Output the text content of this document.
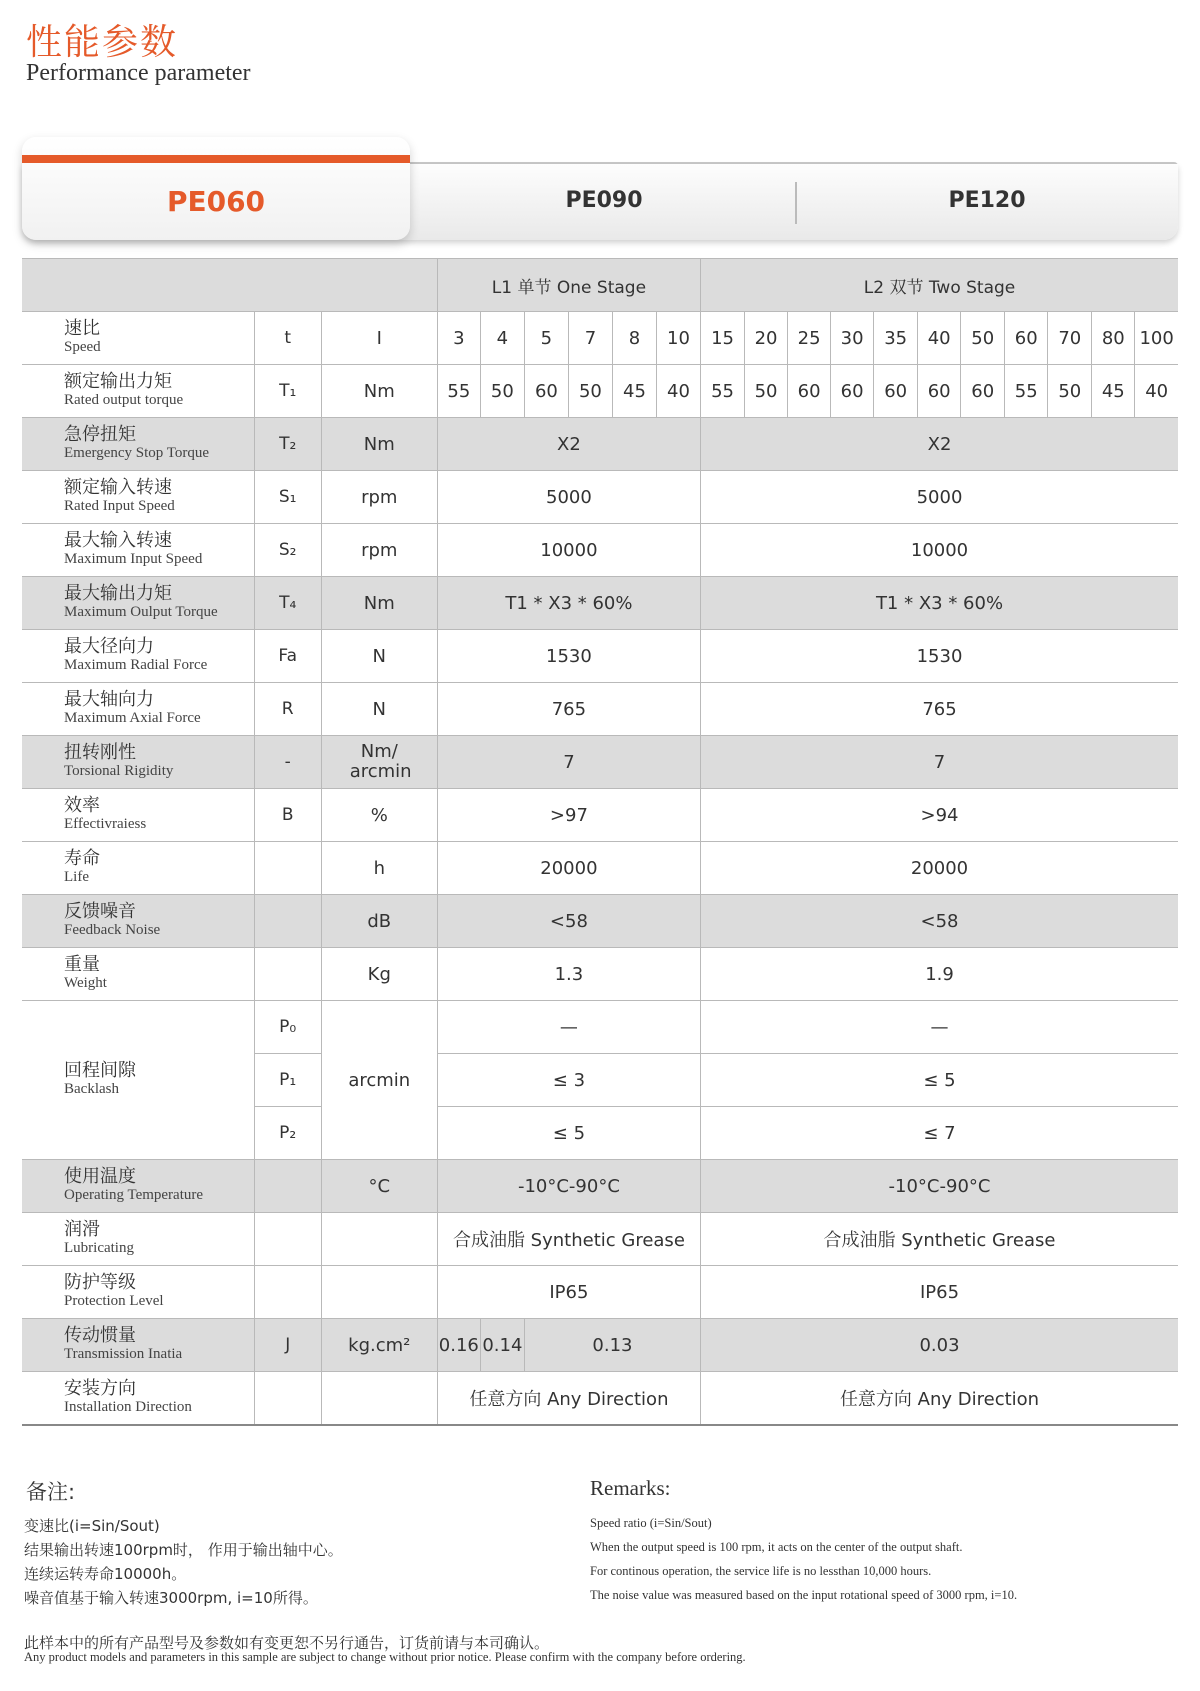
性能参数
Performance parameter
PE060	PE090	PE120
			L1 单节 One Stage						L2 双节 Two Stage										

速比
Speed	t	I	3	4	5	7	8	10	15	20	25	30	35	40	50	60	70	80	100

额定输出力矩
Rated output torque	T₁	Nm	55	50	60	50	45	40	55	50	60	60	60	60	60	55	50	45	40

急停扭矩
Emergency Stop Torque	T₂	Nm	X2						X2										

额定输入转速
Rated Input Speed	S₁	rpm	5000						5000										

最大输入转速
Maximum Input Speed	S₂	rpm	10000						10000										

最大输出力矩
Maximum Oulput Torque	T₄	Nm	T1 * X3 * 60%						T1 * X3 * 60%										

最大径向力
Maximum Radial Force	Fa	N	1530						1530										

最大轴向力
Maximum Axial Force	R	N	765						765										

扭转刚性
Torsional Rigidity	-	Nm/ arcmin	7						7										

效率
Effectivraiess	B	%	>97						>94										

寿命
Life		h	20000						20000										

反馈噪音
Feedback Noise		dB	<58						<58										

重量
Weight		Kg	1.3						1.9										

回程间隙
Backlash	P₀	arcmin	—						—										
	P₁		≤ 3						≤ 5										
	P₂		≤ 5						≤ 7										

使用温度
Operating Temperature		°C	-10°C-90°C						-10°C-90°C										

润滑
Lubricating			合成油脂 Synthetic Grease						合成油脂 Synthetic Grease										

防护等级
Protection Level			IP65						IP65										

传动惯量
Transmission Inatia	J	kg.cm²	0.16	0.14	0.13				0.03										

安装方向
Installation Direction			任意方向 Any Direction						任意方向 Any Direction										
备注:	Remarks:
变速比(i=Sin/Sout)
结果输出转速100rpm时， 作用于输出轴中心。
连续运转寿命10000h。
噪音值基于输入转速3000rpm, i=10所得。
Speed ratio (i=Sin/Sout)
When the output speed is 100 rpm, it acts on the center of the output shaft.
For continous operation, the service life is no lessthan 10,000 hours.
The noise value was measured based on the input rotational speed of 3000 rpm, i=10.
此样本中的所有产品型号及参数如有变更恕不另行通告，订货前请与本司确认。
Any product models and parameters in this sample are subject to change without prior notice. Please confirm with the company before ordering.
